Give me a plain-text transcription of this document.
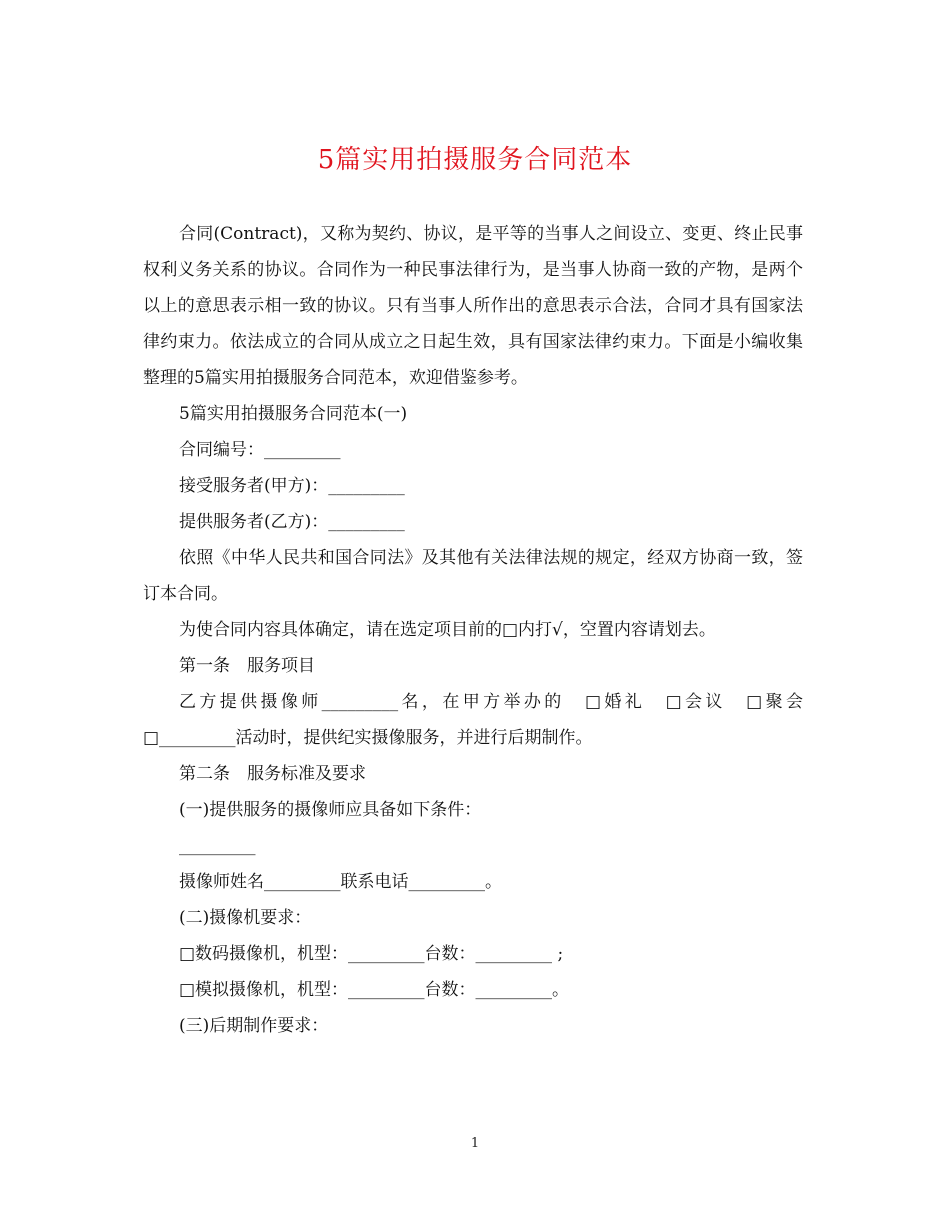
5篇实用拍摄服务合同范本

合同(Contract)，又称为契约、协议，是平等的当事人之间设立、变更、终止民事权利义务关系的协议。合同作为一种民事法律行为，是当事人协商一致的产物，是两个以上的意思表示相一致的协议。只有当事人所作出的意思表示合法，合同才具有国家法律约束力。依法成立的合同从成立之日起生效，具有国家法律约束力。下面是小编收集整理的5篇实用拍摄服务合同范本，欢迎借鉴参考。

5篇实用拍摄服务合同范本(一)

合同编号：_________

接受服务者(甲方)：_________

提供服务者(乙方)：_________

依照《中华人民共和国合同法》及其他有关法律法规的规定，经双方协商一致，签订本合同。

为使合同内容具体确定，请在选定项目前的□内打√，空置内容请划去。

第一条　服务项目

乙方提供摄像师_________名，在甲方举办的　□婚礼　□会议　□聚会　□_________活动时，提供纪实摄像服务，并进行后期制作。

第二条　服务标准及要求

(一)提供服务的摄像师应具备如下条件：

_________

摄像师姓名_________联系电话_________。

(二)摄像机要求：

□数码摄像机，机型：_________台数：_________ ;

□模拟摄像机，机型：_________台数：_________。

(三)后期制作要求：

1
